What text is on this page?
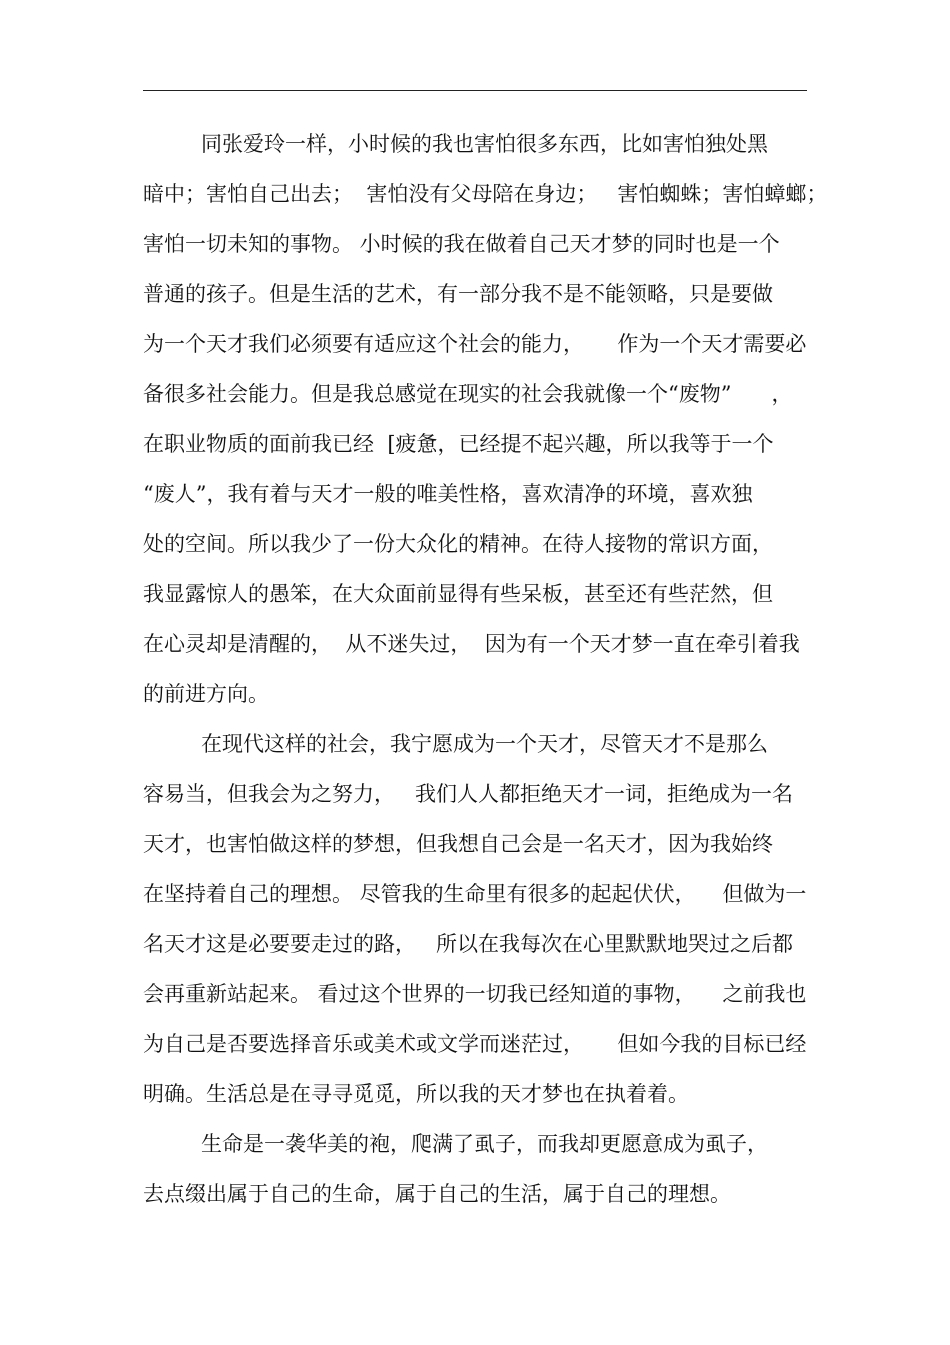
同张爱玲一样，小时候的我也害怕很多东西，比如害怕独处黑
暗中；害怕自己出去；  害怕没有父母陪在身边；   害怕蜘蛛；害怕蟑螂；
害怕一切未知的事物。 小时候的我在做着自己天才梦的同时也是一个
普通的孩子。但是生活的艺术，有一部分我不是不能领略，只是要做
为一个天才我们必须要有适应这个社会的能力，     作为一个天才需要必
备很多社会能力。但是我总感觉在现实的社会我就像一个“废物”      ，
在职业物质的面前我已经  [疲惫，已经提不起兴趣，所以我等于一个
“废人”，我有着与天才一般的唯美性格，喜欢清净的环境，喜欢独
处的空间。所以我少了一份大众化的精神。在待人接物的常识方面，
我显露惊人的愚笨，在大众面前显得有些呆板，甚至还有些茫然，但
在心灵却是清醒的，  从不迷失过，  因为有一个天才梦一直在牵引着我
的前进方向。
在现代这样的社会，我宁愿成为一个天才，尽管天才不是那么
容易当，但我会为之努力，   我们人人都拒绝天才一词，拒绝成为一名
天才，也害怕做这样的梦想，但我想自己会是一名天才，因为我始终
在坚持着自己的理想。 尽管我的生命里有很多的起起伏伏，    但做为一
名天才这是必要要走过的路，   所以在我每次在心里默默地哭过之后都
会再重新站起来。 看过这个世界的一切我已经知道的事物，    之前我也
为自己是否要选择音乐或美术或文学而迷茫过，     但如今我的目标已经
明确。生活总是在寻寻觅觅，所以我的天才梦也在执着着。
生命是一袭华美的袍，爬满了虱子，而我却更愿意成为虱子，
去点缀出属于自己的生命，属于自己的生活，属于自己的理想。
